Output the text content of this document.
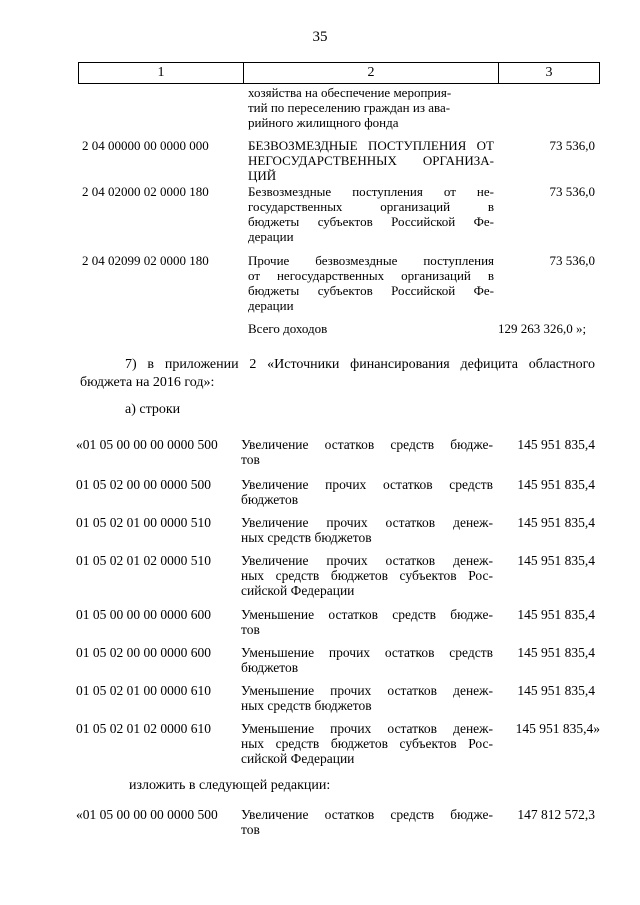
35
1	2	3
хозяйства на обеспечение мероприя-
тий по переселению граждан из ава-
рийного жилищного фонда
2 04 00000 00 0000 000	БЕЗВОЗМЕЗДНЫЕ ПОСТУПЛЕНИЯ ОТ
НЕГОСУДАРСТВЕННЫХ ОРГАНИЗА-
ЦИЙ
73 536,0
2 04 02000 02 0000 180	Безвозмездные поступления от не-
государственных организаций в
бюджеты субъектов Российской Фе-
дерации
73 536,0
2 04 02099 02 0000 180	Прочие безвозмездные поступления
от негосударственных организаций в
бюджеты субъектов Российской Фе-
дерации
73 536,0
Всего доходов	129 263 326,0 »;
7) в приложении 2 «Источники финансирования дефицита областного
бюджета на 2016 год»:
а) строки
«01 05 00 00 00 0000 500	Увеличение остатков средств бюдже-
тов
145 951 835,4
01 05 02 00 00 0000 500	Увеличение прочих остатков средств
бюджетов
145 951 835,4
01 05 02 01 00 0000 510	Увеличение прочих остатков денеж-
ных средств бюджетов
145 951 835,4
01 05 02 01 02 0000 510	Увеличение прочих остатков денеж-
ных средств бюджетов субъектов Рос-
сийской Федерации
145 951 835,4
01 05 00 00 00 0000 600	Уменьшение остатков средств бюдже-
тов
145 951 835,4
01 05 02 00 00 0000 600	Уменьшение прочих остатков средств
бюджетов
145 951 835,4
01 05 02 01 00 0000 610	Уменьшение прочих остатков денеж-
ных средств бюджетов
145 951 835,4
01 05 02 01 02 0000 610	Уменьшение прочих остатков денеж-
ных средств бюджетов субъектов Рос-
сийской Федерации
145 951 835,4»
изложить в следующей редакции:
«01 05 00 00 00 0000 500	Увеличение остатков средств бюдже-
тов
147 812 572,3
